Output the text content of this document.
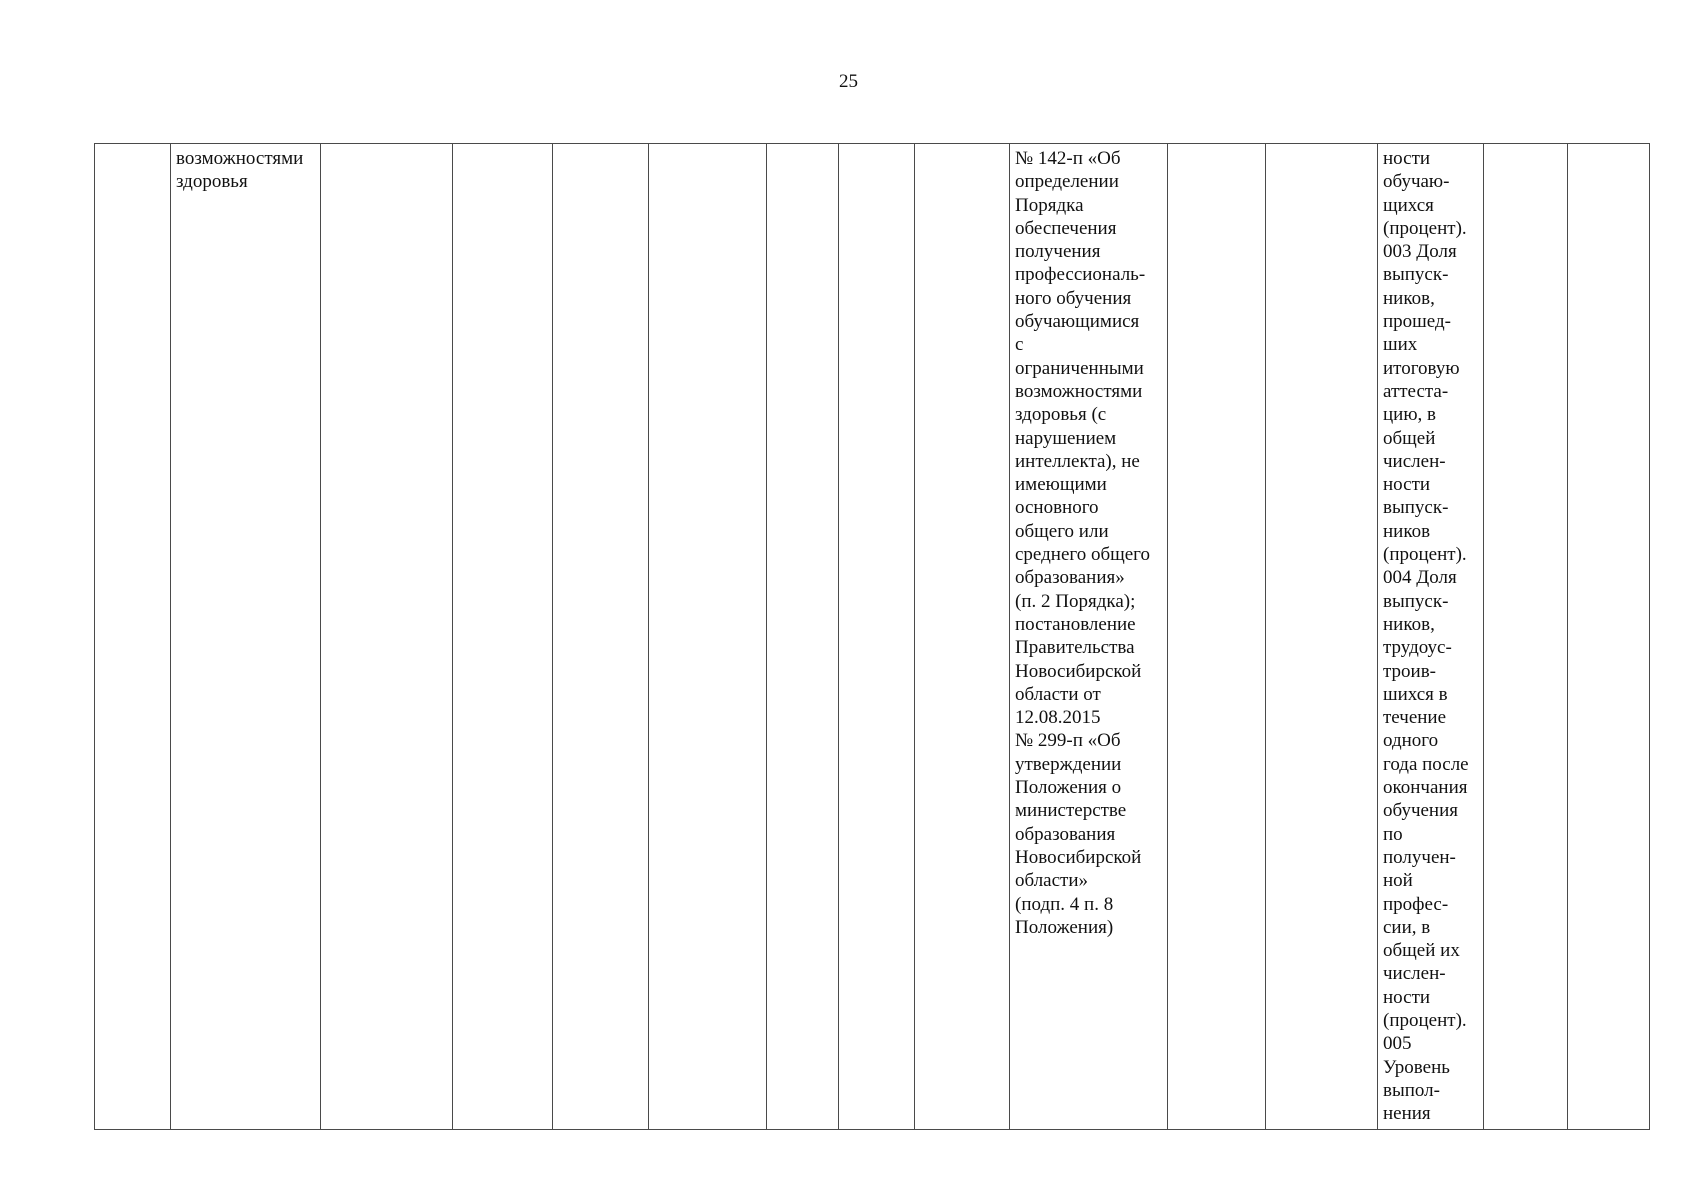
25
	возможностями
здоровья								№ 142-п «Об
определении
Порядка
обеспечения
получения
профессиональ-
ного обучения
обучающимися
с
ограниченными
возможностями
здоровья (с
нарушением
интеллекта), не
имеющими
основного
общего или
среднего общего
образования»
(п. 2 Порядка);
постановление
Правительства
Новосибирской
области от
12.08.2015
№ 299-п «Об
утверждении
Положения о
министерстве
образования
Новосибирской
области»
(подп. 4 п. 8
Положения)			ности
обучаю-
щихся
(процент).
003 Доля
выпуск-
ников,
прошед-
ших
итоговую
аттеста-
цию, в
общей
числен-
ности
выпуск-
ников
(процент).
004 Доля
выпуск-
ников,
трудоус-
троив-
шихся в
течение
одного
года после
окончания
обучения
по
получен-
ной
профес-
сии, в
общей их
числен-
ности
(процент).
005
Уровень
выпол-
нения		
